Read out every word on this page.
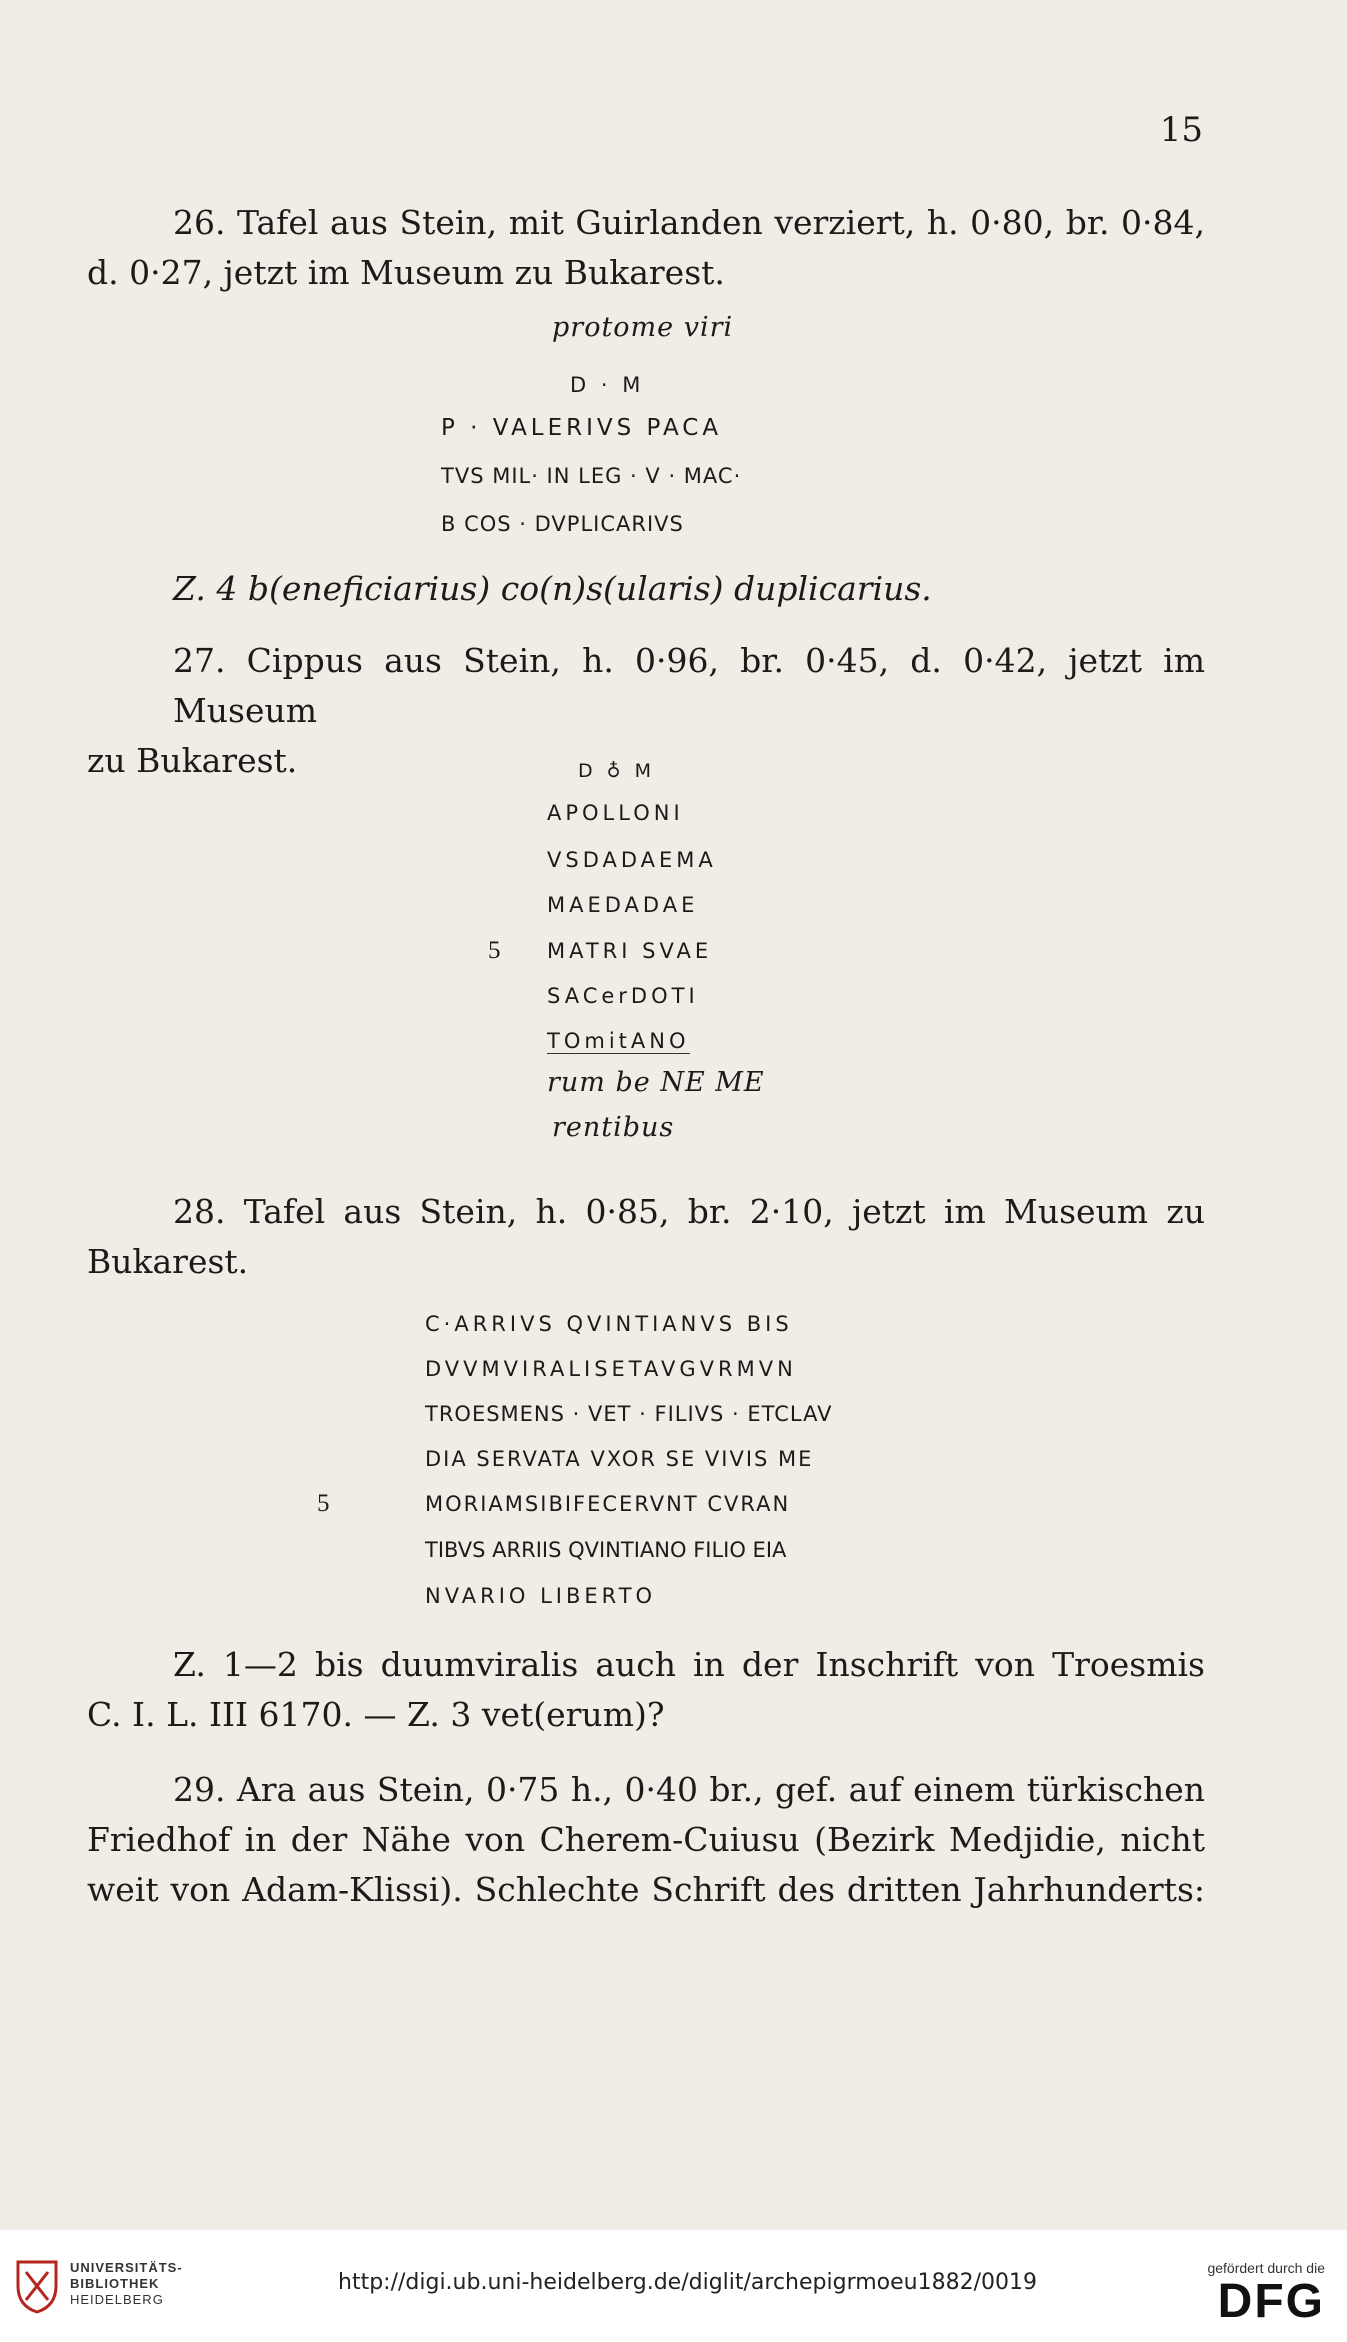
15
26. Tafel aus Stein, mit Guirlanden verziert, h. 0·80, br. 0·84,
d. 0·27, jetzt im Museum zu Bukarest.
protome viri
D · M
P · VALERIVS PACA
TVS MIL· IN LEG · V · MAC·
B COS · DVPLICARIVS
Z. 4 b(eneficiarius) co(n)s(ularis) duplicarius.
27. Cippus aus Stein, h. 0·96, br. 0·45, d. 0·42, jetzt im Museum
zu Bukarest.	D ♁ M
APOLLONI
VSDADAEMA
MAEDADAE
5 MATRI SVAE
SACerDOTI
TOmitANO
rum be NE ME
rentibus
28. Tafel aus Stein, h. 0·85, br. 2·10, jetzt im Museum zu
Bukarest.
C·ARRIVS QVINTIANVS BIS
DVVMVIRALISETAVGVRMVN
TROESMENS · VET · FILIVS · ETCLAV
DIA SERVATA VXOR SE VIVIS ME
5	MORIAMSIBIFECERVNT CVRAN
TIBVS ARRIIS QVINTIANO FILIO EIA
NVARIO LIBERTO
Z. 1—2 bis duumviralis auch in der Inschrift von Troesmis
C. I. L. III 6170. — Z. 3 vet(erum)?
29. Ara aus Stein, 0·75 h., 0·40 br., gef. auf einem türkischen
Friedhof in der Nähe von Cherem-Cuiusu (Bezirk Medjidie, nicht
weit von Adam-Klissi). Schlechte Schrift des dritten Jahrhunderts:
UNIVERSITÄTS-
BIBLIOTHEK
HEIDELBERG
http://digi.ub.uni-heidelberg.de/diglit/archepigrmoeu1882/0019
gefördert durch die
DFG
